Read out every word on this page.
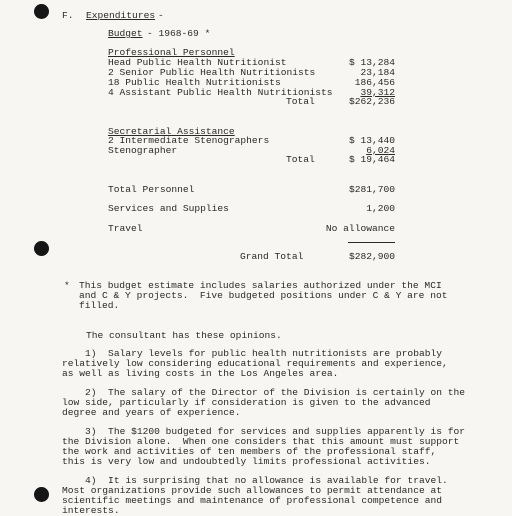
F. Expenditures -
Budget - 1968-69 *
Professional Personnel
Head Public Health Nutritionist	$ 13,284
2 Senior Public Health Nutritionists	23,184
18 Public Health Nutritionists	186,456
4 Assistant Public Health Nutritionists	39,312
Total	$262,236
Secretarial Assistance
2 Intermediate Stenographers	$ 13,440
Stenographer	6,024
Total	$ 19,464
Total Personnel	$281,700
Services and Supplies	1,200
Travel	No allowance
Grand Total	$282,900
* This budget estimate includes salaries authorized under the MCI
and C & Y projects.  Five budgeted positions under C & Y are not
filled.
The consultant has these opinions.
1)  Salary levels for public health nutritionists are probably
relatively low considering educational requirements and experience,
as well as living costs in the Los Angeles area.
2)  The salary of the Director of the Division is certainly on the
low side, particularly if consideration is given to the advanced
degree and years of experience.
3)  The $1200 budgeted for services and supplies apparently is for
the Division alone.  When one considers that this amount must support
the work and activities of ten members of the professional staff,
this is very low and undoubtedly limits professional activities.
4)  It is surprising that no allowance is available for travel.
Most organizations provide such allowances to permit attendance at
scientific meetings and maintenance of professional competence and
interests.
